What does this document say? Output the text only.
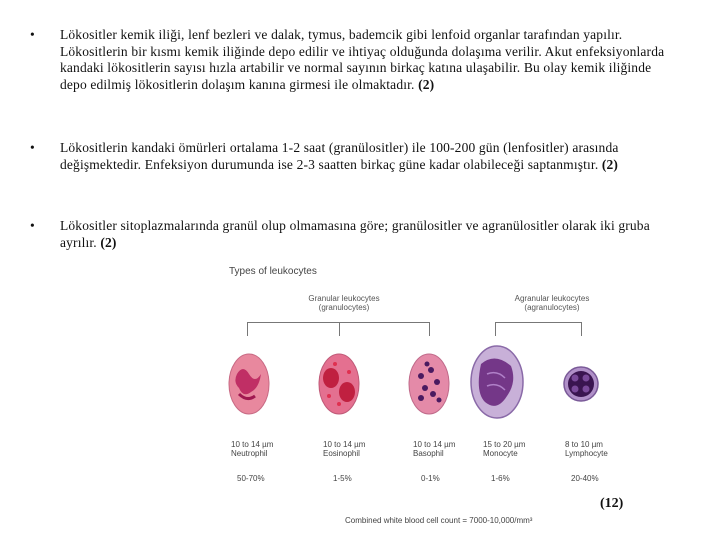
•	Lökositler kemik iliği, lenf bezleri ve dalak, tymus, bademcik gibi lenfoid organlar tarafından yapılır. Lökositlerin bir kısmı kemik iliğinde depo edilir ve ihtiyaç olduğunda dolaşıma verilir. Akut enfeksiyonlarda kandaki lökositlerin sayısı hızla artabilir ve normal sayının birkaç katına ulaşabilir. Bu olay kemik iliğinde depo edilmiş lökositlerin dolaşım kanına girmesi ile olmaktadır. (2)
•	Lökositlerin kandaki ömürleri ortalama 1-2 saat (granülositler) ile 100-200 gün (lenfositler) arasında değişmektedir. Enfeksiyon durumunda ise 2-3 saatten birkaç güne kadar olabileceği saptanmıştır. (2)
•	Lökositler sitoplazmalarında granül olup olmamasına göre; granülositler ve agranülositler olarak iki gruba ayrılır. (2)
Types of leukocytes
Granular leukocytes (granulocytes)
Agranular leukocytes (agranulocytes)
10 to 14 µm
Neutrophil
10 to 14 µm
Eosinophil
10 to 14 µm
Basophil
15 to 20 µm
Monocyte
8 to 10 µm
Lymphocyte
50-70%	1-5%	0-1%	1-6%	20-40%
Combined white blood cell count = 7000-10,000/mm³
(12)
